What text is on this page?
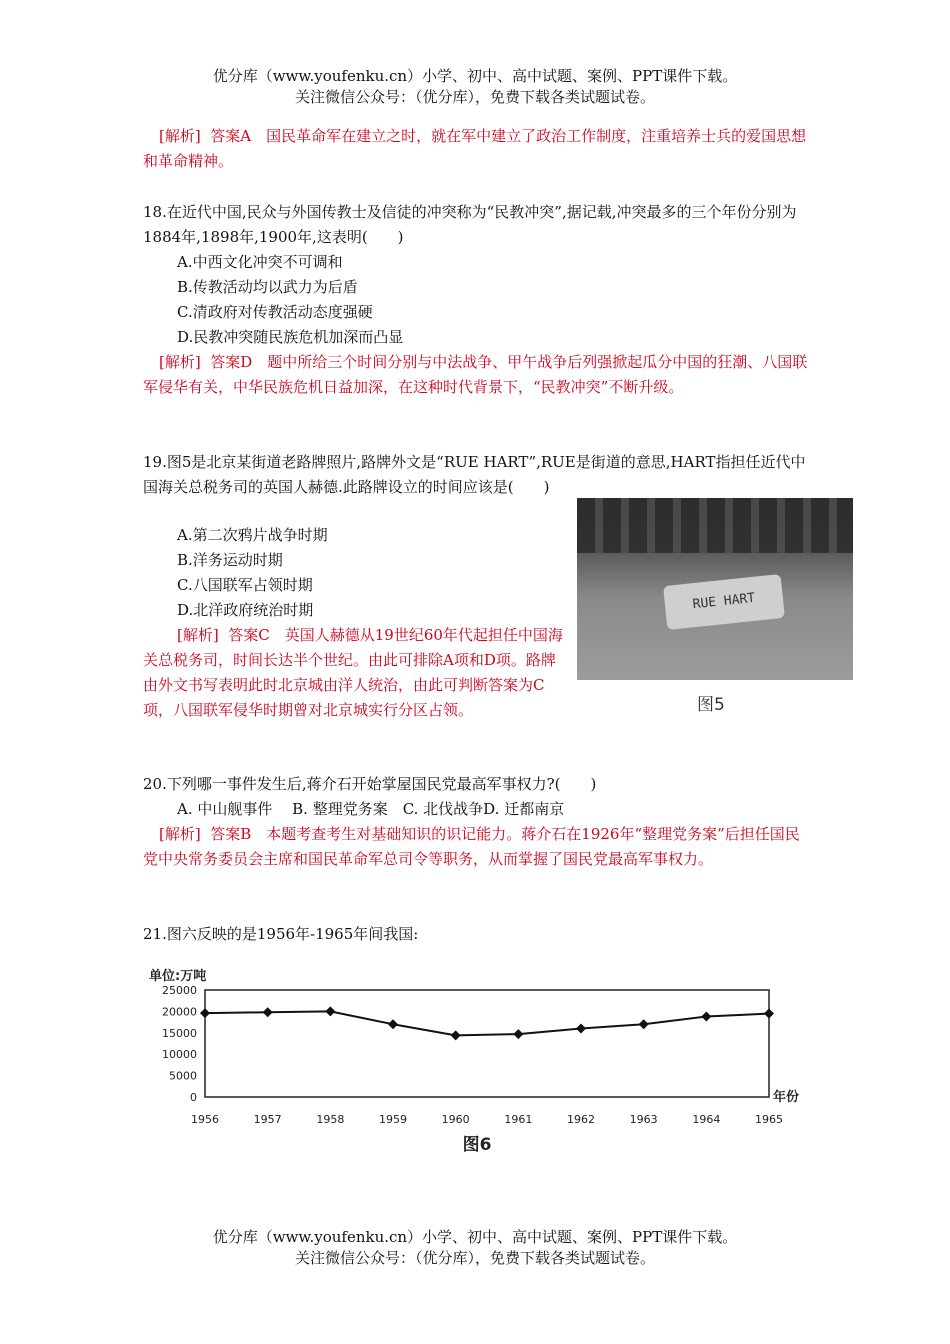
优分库（www.youfenku.cn）小学、初中、高中试题、案例、PPT课件下载。
关注微信公众号：（优分库），免费下载各类试题试卷。
[解析] 答案A　国民革命军在建立之时，就在军中建立了政治工作制度，注重培养士兵的爱国思想和革命精神。
18.在近代中国,民众与外国传教士及信徒的冲突称为“民教冲突”,据记载,冲突最多的三个年份分别为1884年,1898年,1900年,这表明(　　)
A.中西文化冲突不可调和
B.传教活动均以武力为后盾
C.清政府对传教活动态度强硬
D.民教冲突随民族危机加深而凸显
[解析] 答案D　题中所给三个时间分别与中法战争、甲午战争后列强掀起瓜分中国的狂潮、八国联军侵华有关，中华民族危机日益加深，在这种时代背景下，“民教冲突”不断升级。
19.图5是北京某街道老路牌照片,路牌外文是“RUE HART”,RUE是街道的意思,HART指担任近代中国海关总税务司的英国人赫德.此路牌设立的时间应该是(　　)
A.第二次鸦片战争时期
B.洋务运动时期
C.八国联军占领时期
D.北洋政府统治时期
[解析] 答案C　英国人赫德从19世纪60年代起担任中国海关总税务司，时间长达半个世纪。由此可排除A项和D项。路牌由外文书写表明此时北京城由洋人统治，由此可判断答案为C项，八国联军侵华时期曾对北京城实行分区占领。
RUE HART
图5
20.下列哪一事件发生后,蒋介石开始掌屋国民党最高军事权力?(　　)
A. 中山舰事件　 B. 整理党务案　C. 北伐战争D. 迁都南京
[解析] 答案B　本题考查考生对基础知识的识记能力。蒋介石在1926年“整理党务案”后担任国民党中央常务委员会主席和国民革命军总司令等职务，从而掌握了国民党最高军事权力。
21.图六反映的是1956年-1965年间我国:
单位:万吨
0
5000
10000
15000
20000
25000
1956	1957	1958	1959	1960	1961	1962	1963	1964	1965
年份
图6
优分库（www.youfenku.cn）小学、初中、高中试题、案例、PPT课件下载。
关注微信公众号：（优分库），免费下载各类试题试卷。
